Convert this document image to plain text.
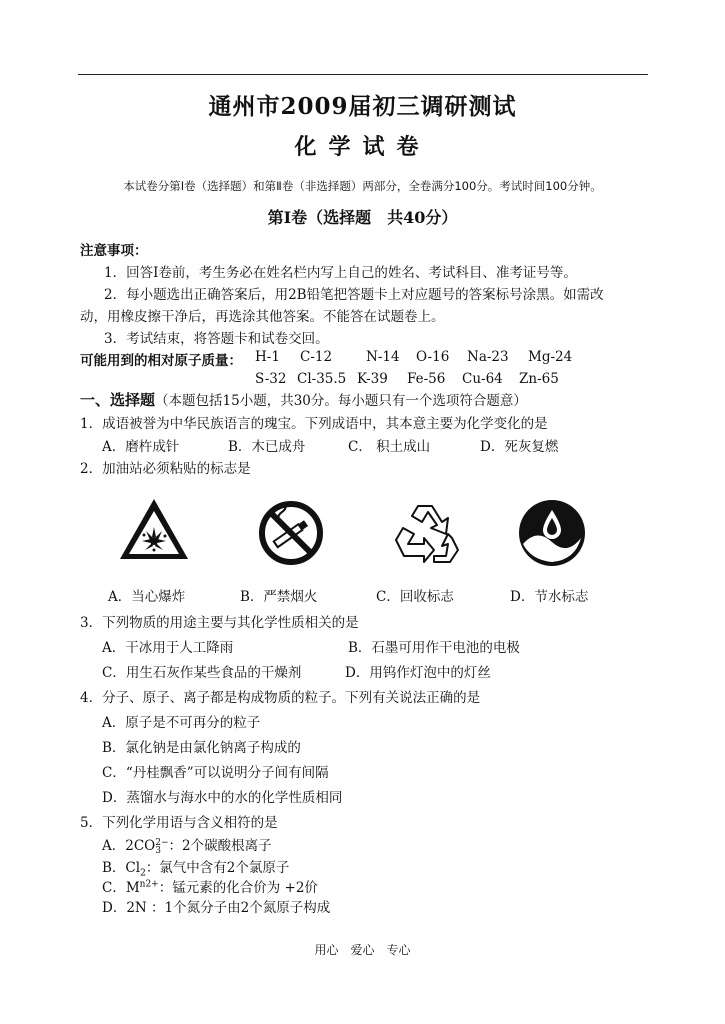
通州市2009届初三调研测试
化学试卷
本试卷分第Ⅰ卷（选择题）和第Ⅱ卷（非选择题）两部分，全卷满分100分。考试时间100分钟。
第Ⅰ卷（选择题　共40分）
注意事项：
1．回答Ⅰ卷前，考生务必在姓名栏内写上自己的姓名、考试科目、准考证号等。
2．每小题选出正确答案后，用2B铅笔把答题卡上对应题号的答案标号涂黑。如需改
动，用橡皮擦干净后，再选涂其他答案。不能答在试题卷上。
3．考试结束，将答题卡和试卷交回。
可能用到的相对原子质量： H-1 C-12	N-14 O-16 Na-23 Mg-24
S-32 Cl-35.5 K-39 Fe-56 Cu-64 Zn-65
一、选择题（本题包括15小题，共30分。每小题只有一个选项符合题意）
1．成语被誉为中华民族语言的瑰宝。下列成语中，其本意主要为化学变化的是
A．磨杵成针	B．木已成舟	C． 积土成山	D．死灰复燃
2．加油站必须粘贴的标志是
A．当心爆炸	B．严禁烟火	C．回收标志	D．节水标志
3．下列物质的用途主要与其化学性质相关的是
A．干冰用于人工降雨	B．石墨可用作干电池的电极
C．用生石灰作某些食品的干燥剂	D．用钨作灯泡中的灯丝
4．分子、原子、离子都是构成物质的粒子。下列有关说法正确的是
A．原子是不可再分的粒子
B．氯化钠是由氯化钠离子构成的
C．“丹桂飘香”可以说明分子间有间隔
D．蒸馏水与海水中的水的化学性质相同
5．下列化学用语与含义相符的是
A．2CO 2−
3 ：2个碳酸根离子
B．$Cl_2$：氯气中含有2个氯原子
C．$M^{n2+}$：锰元素的化合价为 +2价
D．2N ：1个氮分子由2个氮原子构成
用心　爱心　专心
